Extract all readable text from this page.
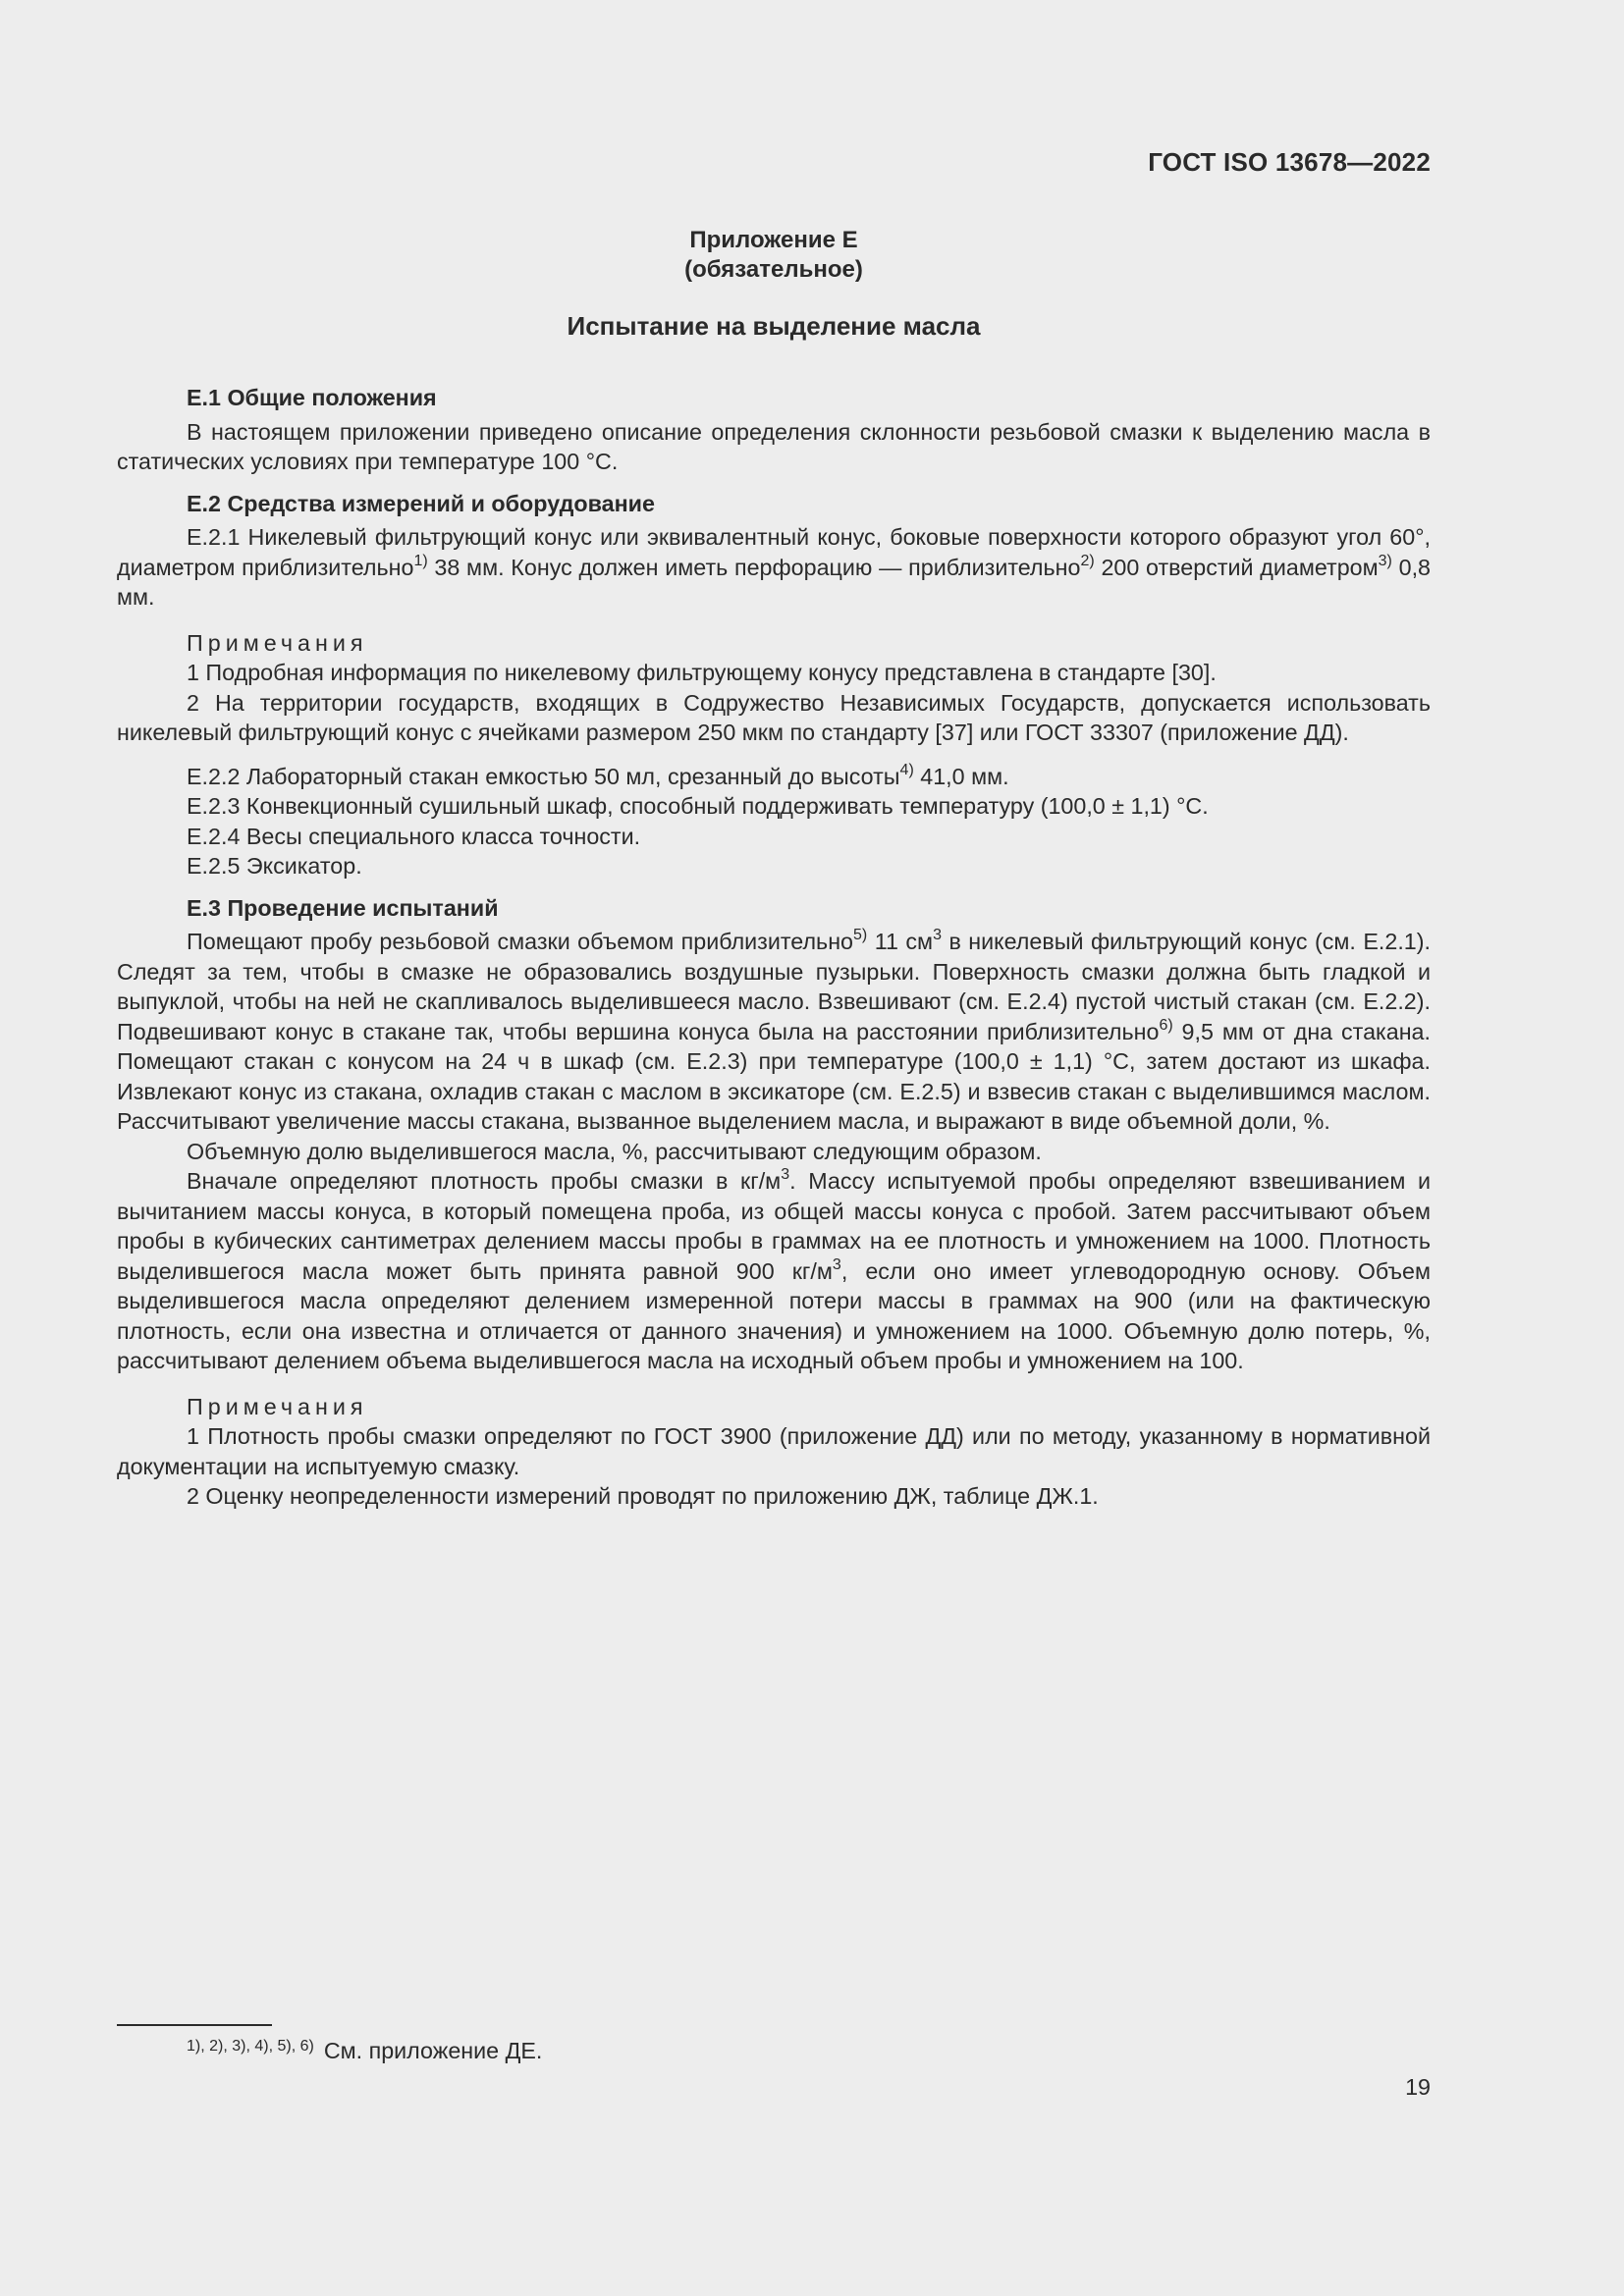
ГОСТ ISO 13678—2022
Приложение Е
(обязательное)
Испытание на выделение масла
Е.1 Общие положения

В настоящем приложении приведено описание определения склонности резьбовой смазки к выделению масла в статических условиях при температуре 100 °С.

Е.2 Средства измерений и оборудование

Е.2.1 Никелевый фильтрующий конус или эквивалентный конус, боковые поверхности которого образуют угол 60°, диаметром приблизительно$^{1)}$ 38 мм. Конус должен иметь перфорацию — приблизительно$^{2)}$ 200 отверстий диаметром$^{3)}$ 0,8 мм.

Примечания

1 Подробная информация по никелевому фильтрующему конусу представлена в стандарте [30].

2 На территории государств, входящих в Содружество Независимых Государств, допускается использовать никелевый фильтрующий конус с ячейками размером 250 мкм по стандарту [37] или ГОСТ 33307 (приложение ДД).

Е.2.2 Лабораторный стакан емкостью 50 мл, срезанный до высоты$^{4)}$ 41,0 мм.

Е.2.3 Конвекционный сушильный шкаф, способный поддерживать температуру (100,0 ± 1,1) °С.

Е.2.4 Весы специального класса точности.

Е.2.5 Эксикатор.

Е.3 Проведение испытаний

Помещают пробу резьбовой смазки объемом приблизительно$^{5)}$ 11 $см^3$ в никелевый фильтрующий конус (см. Е.2.1). Следят за тем, чтобы в смазке не образовались воздушные пузырьки. Поверхность смазки должна быть гладкой и выпуклой, чтобы на ней не скапливалось выделившееся масло. Взвешивают (см. Е.2.4) пустой чистый стакан (см. Е.2.2). Подвешивают конус в стакане так, чтобы вершина конуса была на расстоянии приблизительно$^{6)}$ 9,5 мм от дна стакана. Помещают стакан с конусом на 24 ч в шкаф (см. Е.2.3) при температуре (100,0 ± 1,1) °С, затем достают из шкафа. Извлекают конус из стакана, охладив стакан с маслом в эксикаторе (см. Е.2.5) и взвесив стакан с выделившимся маслом. Рассчитывают увеличение массы стакана, вызванное выделением масла, и выражают в виде объемной доли, %.

Объемную долю выделившегося масла, %, рассчитывают следующим образом.

Вначале определяют плотность пробы смазки в $кг/м^3$. Массу испытуемой пробы определяют взвешиванием и вычитанием массы конуса, в который помещена проба, из общей массы конуса с пробой. Затем рассчитывают объем пробы в кубических сантиметрах делением массы пробы в граммах на ее плотность и умножением на 1000. Плотность выделившегося масла может быть принята равной 900 $кг/м^3$, если оно имеет углеводородную основу. Объем выделившегося масла определяют делением измеренной потери массы в граммах на 900 (или на фактическую плотность, если она известна и отличается от данного значения) и умножением на 1000. Объемную долю потерь, %, рассчитывают делением объема выделившегося масла на исходный объем пробы и умножением на 100.

Примечания

1 Плотность пробы смазки определяют по ГОСТ 3900 (приложение ДД) или по методу, указанному в нормативной документации на испытуемую смазку.

2 Оценку неопределенности измерений проводят по приложению ДЖ, таблице ДЖ.1.

$^{1), 2), 3), 4), 5), 6)}$ См. приложение ДЕ.
19
